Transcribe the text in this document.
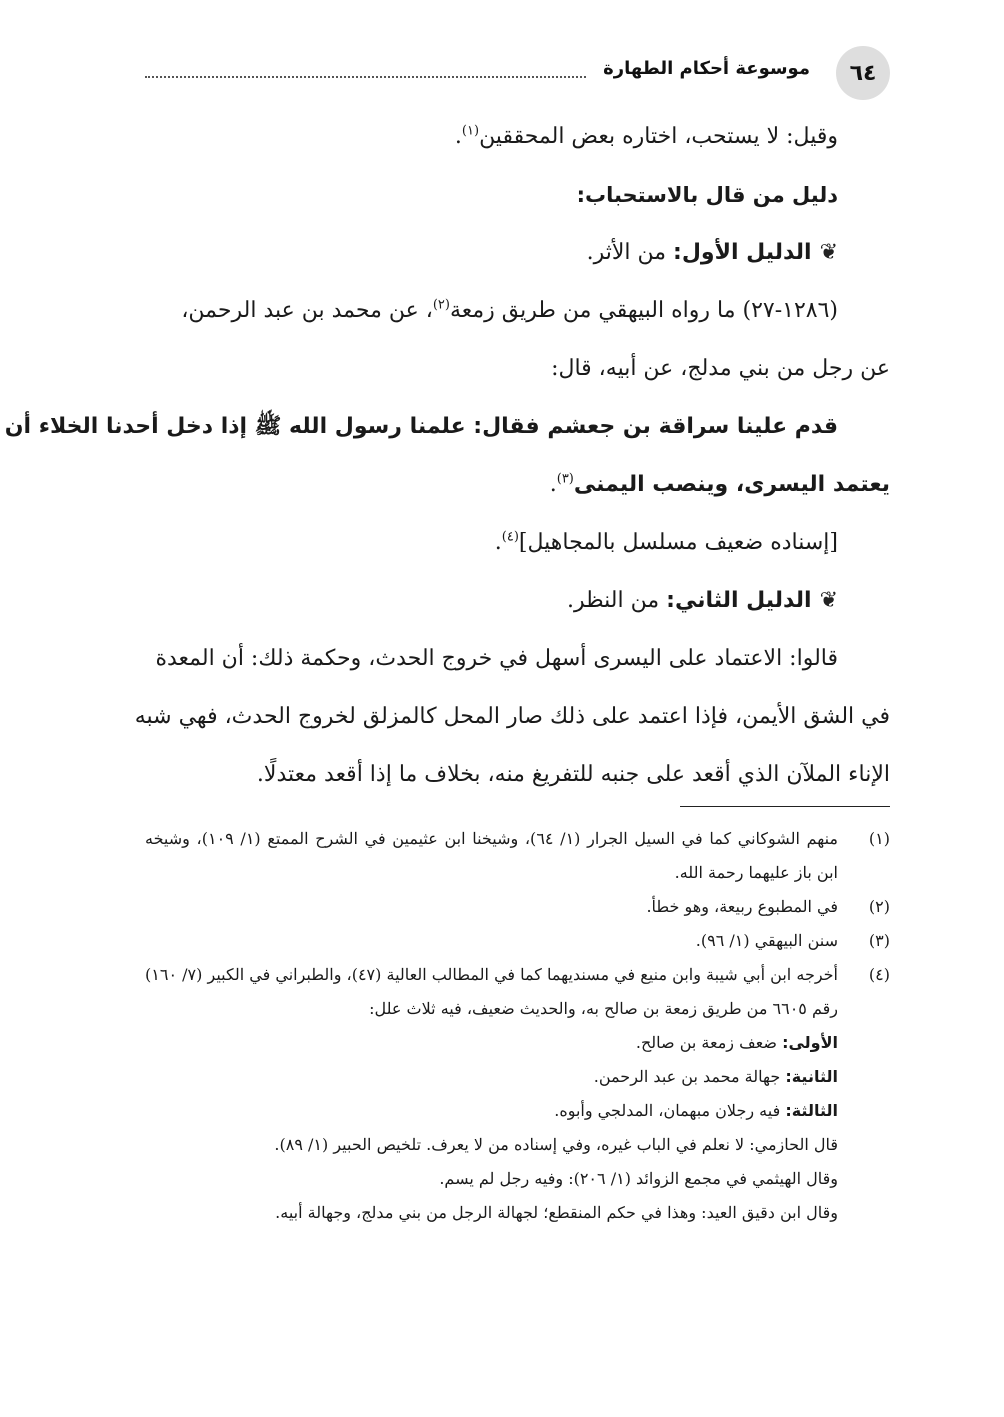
موسوعة أحكام الطهارة	٦٤

وقيل: لا يستحب، اختاره بعض المحققين$^{(١)}$.

دليل من قال بالاستحباب:

❦الدليل الأول: من الأثر.

(١٢٨٦-٢٧) ما رواه البيهقي من طريق زمعة$^{(٢)}$، عن محمد بن عبد الرحمن،

عن رجل من بني مدلج، عن أبيه، قال:

قدم علينا سراقة بن جعشم فقال: علمنا رسول الله ﷺ إذا دخل أحدنا الخلاء أن

يعتمد اليسرى، وينصب اليمنى$^{(٣)}$.

[إسناده ضعيف مسلسل بالمجاهيل]$^{(٤)}$.

❦الدليل الثاني: من النظر.

قالوا: الاعتماد على اليسرى أسهل في خروج الحدث، وحكمة ذلك: أن المعدة

في الشق الأيمن، فإذا اعتمد على ذلك صار المحل كالمزلق لخروج الحدث، فهي شبه

الإناء الملآن الذي أقعد على جنبه للتفريغ منه، بخلاف ما إذا أقعد معتدلًا.

(١)
منهم الشوكاني كما في السيل الجرار (١/ ٦٤)، وشيخنا ابن عثيمين في الشرح الممتع (١/ ١٠٩)، وشيخه ابن باز عليهما رحمة الله.
(٢)
في المطبوع ربيعة، وهو خطأ.
(٣)
سنن البيهقي (١/ ٩٦).
(٤)
أخرجه ابن أبي شيبة وابن منيع في مسنديهما كما في المطالب العالية (٤٧)، والطبراني في الكبير (٧/ ١٦٠) رقم ٦٦٠٥ من طريق زمعة بن صالح به، والحديث ضعيف، فيه ثلاث علل:
الأولى: ضعف زمعة بن صالح.
الثانية: جهالة محمد بن عبد الرحمن.
الثالثة: فيه رجلان مبهمان، المدلجي وأبوه.
قال الحازمي: لا نعلم في الباب غيره، وفي إسناده من لا يعرف. تلخيص الحبير (١/ ٨٩).
وقال الهيثمي في مجمع الزوائد (١/ ٢٠٦): وفيه رجل لم يسم.
وقال ابن دقيق العيد: وهذا في حكم المنقطع؛ لجهالة الرجل من بني مدلج، وجهالة أبيه.
